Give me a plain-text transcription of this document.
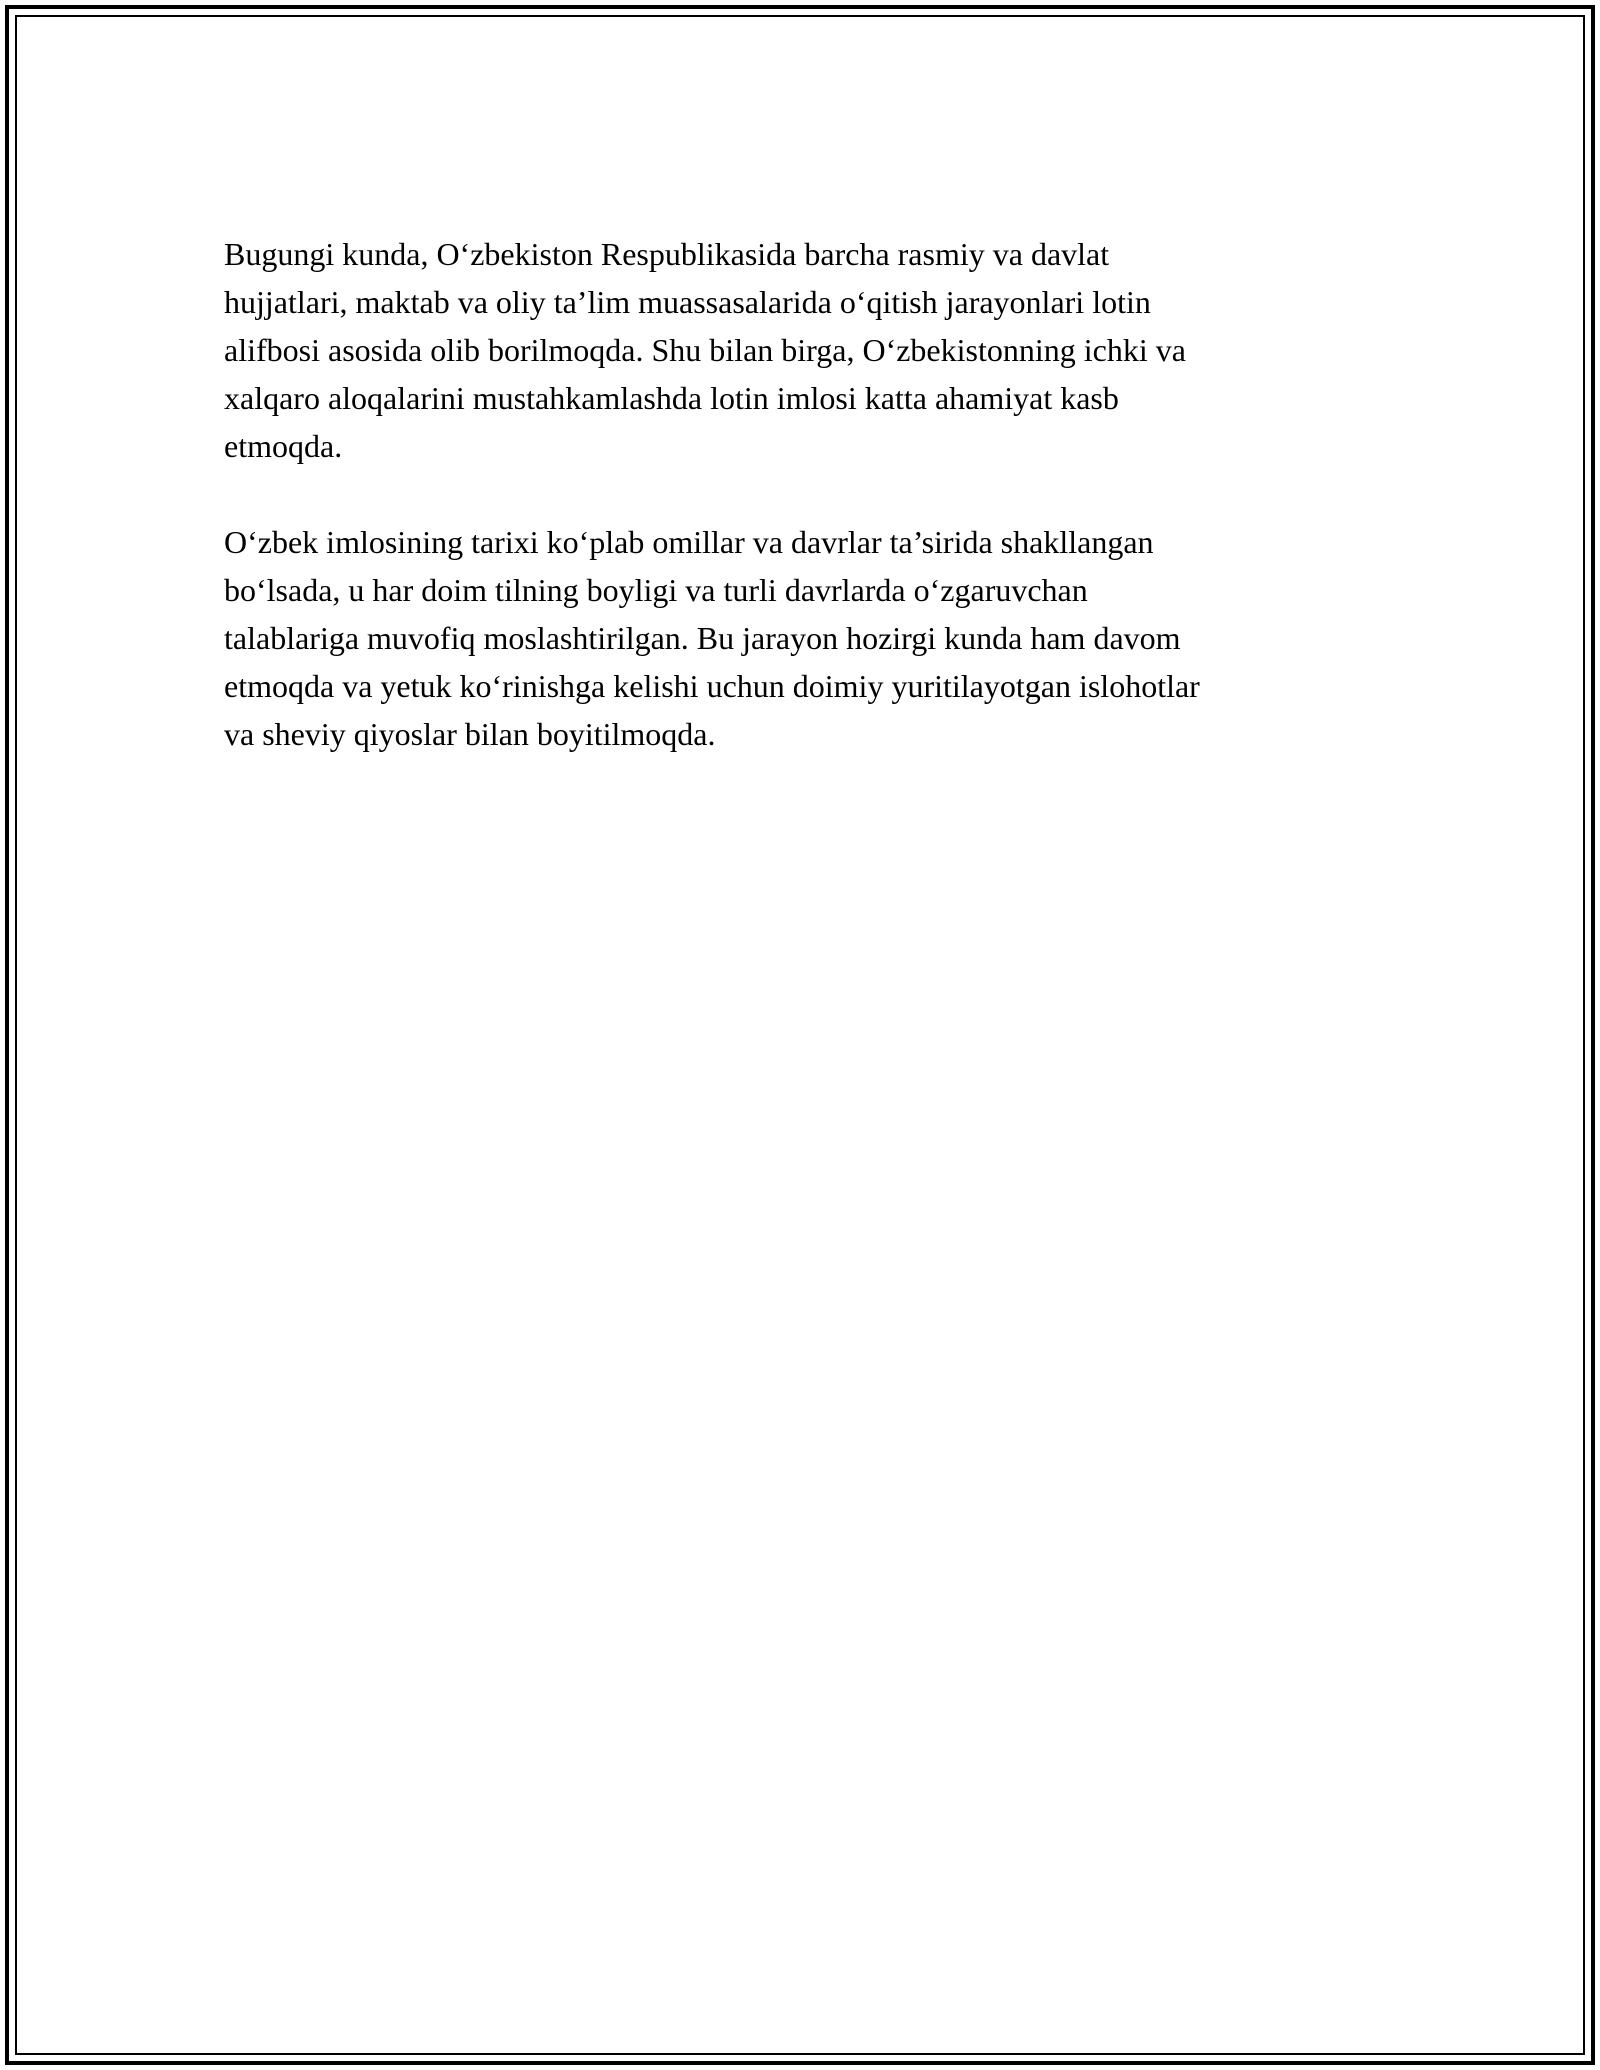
Bugungi kunda, O‘zbekiston Respublikasida barcha rasmiy va davlat
hujjatlari, maktab va oliy ta’lim muassasalarida o‘qitish jarayonlari lotin
alifbosi asosida olib borilmoqda. Shu bilan birga, O‘zbekistonning ichki va
xalqaro aloqalarini mustahkamlashda lotin imlosi katta ahamiyat kasb
etmoqda.

O‘zbek imlosining tarixi ko‘plab omillar va davrlar ta’sirida shakllangan
bo‘lsada, u har doim tilning boyligi va turli davrlarda o‘zgaruvchan
talablariga muvofiq moslashtirilgan. Bu jarayon hozirgi kunda ham davom
etmoqda va yetuk ko‘rinishga kelishi uchun doimiy yuritilayotgan islohotlar
va sheviy qiyoslar bilan boyitilmoqda.
